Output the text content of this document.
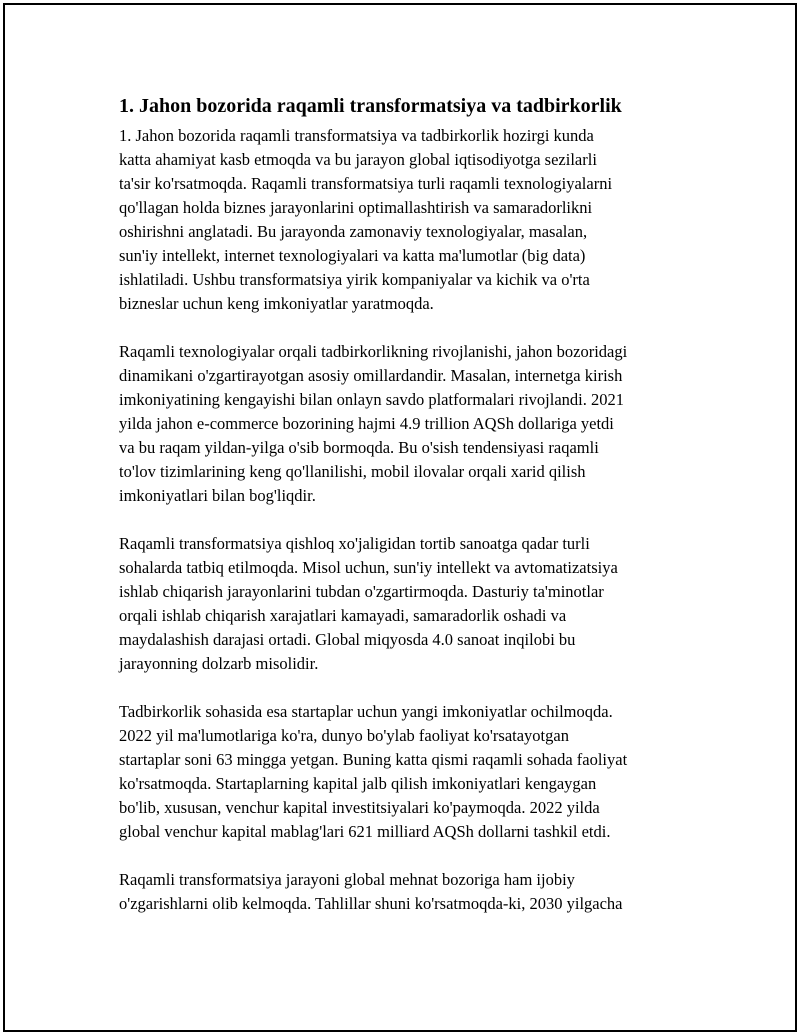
1. Jahon bozorida raqamli transformatsiya va tadbirkorlik

1. Jahon bozorida raqamli transformatsiya va tadbirkorlik hozirgi kunda
katta ahamiyat kasb etmoqda va bu jarayon global iqtisodiyotga sezilarli
ta'sir ko'rsatmoqda. Raqamli transformatsiya turli raqamli texnologiyalarni
qo'llagan holda biznes jarayonlarini optimallashtirish va samaradorlikni
oshirishni anglatadi. Bu jarayonda zamonaviy texnologiyalar, masalan,
sun'iy intellekt, internet texnologiyalari va katta ma'lumotlar (big data)
ishlatiladi. Ushbu transformatsiya yirik kompaniyalar va kichik va o'rta
bizneslar uchun keng imkoniyatlar yaratmoqda.

Raqamli texnologiyalar orqali tadbirkorlikning rivojlanishi, jahon bozoridagi
dinamikani o'zgartirayotgan asosiy omillardandir. Masalan, internetga kirish
imkoniyatining kengayishi bilan onlayn savdo platformalari rivojlandi. 2021
yilda jahon e-commerce bozorining hajmi 4.9 trillion AQSh dollariga yetdi
va bu raqam yildan-yilga o'sib bormoqda. Bu o'sish tendensiyasi raqamli
to'lov tizimlarining keng qo'llanilishi, mobil ilovalar orqali xarid qilish
imkoniyatlari bilan bog'liqdir.

Raqamli transformatsiya qishloq xo'jaligidan tortib sanoatga qadar turli
sohalarda tatbiq etilmoqda. Misol uchun, sun'iy intellekt va avtomatizatsiya
ishlab chiqarish jarayonlarini tubdan o'zgartirmoqda. Dasturiy ta'minotlar
orqali ishlab chiqarish xarajatlari kamayadi, samaradorlik oshadi va
maydalashish darajasi ortadi. Global miqyosda 4.0 sanoat inqilobi bu
jarayonning dolzarb misolidir.

Tadbirkorlik sohasida esa startaplar uchun yangi imkoniyatlar ochilmoqda.
2022 yil ma'lumotlariga ko'ra, dunyo bo'ylab faoliyat ko'rsatayotgan
startaplar soni 63 mingga yetgan. Buning katta qismi raqamli sohada faoliyat
ko'rsatmoqda. Startaplarning kapital jalb qilish imkoniyatlari kengaygan
bo'lib, xususan, venchur kapital investitsiyalari ko'paymoqda. 2022 yilda
global venchur kapital mablag'lari 621 milliard AQSh dollarni tashkil etdi.

Raqamli transformatsiya jarayoni global mehnat bozoriga ham ijobiy
o'zgarishlarni olib kelmoqda. Tahlillar shuni ko'rsatmoqda-ki, 2030 yilgacha
